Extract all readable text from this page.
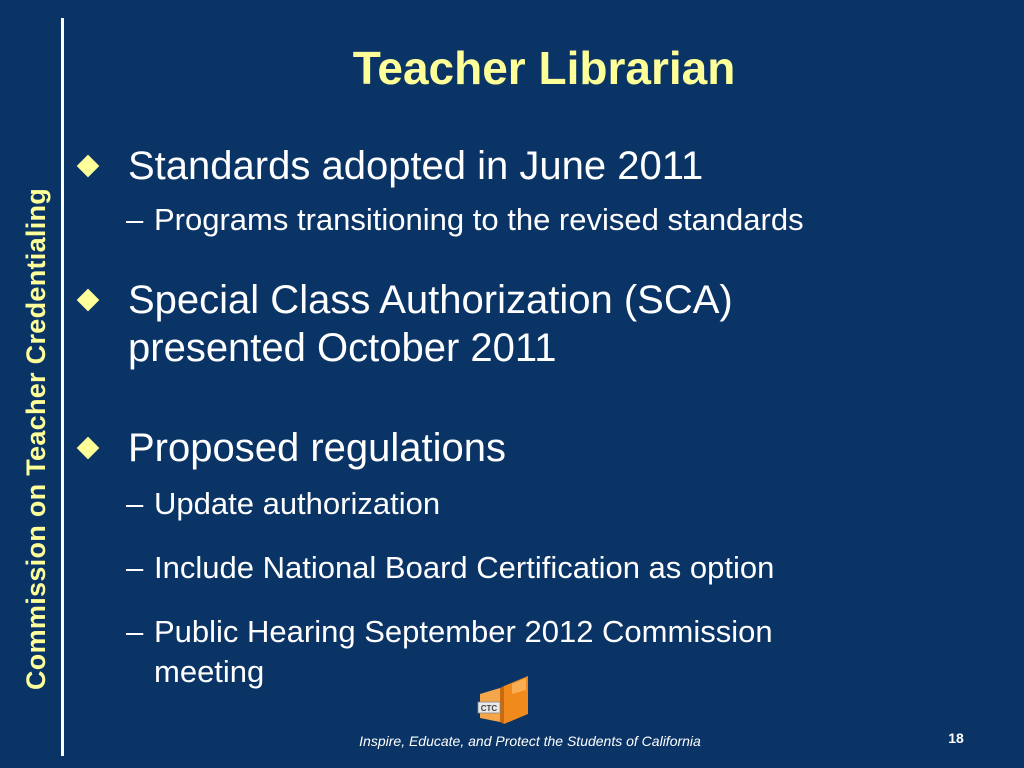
Commission on Teacher Credentialing
Teacher Librarian
Standards adopted in June 2011
– Programs transitioning to the revised standards
Special Class Authorization (SCA)
presented October 2011
Proposed regulations
– Update authorization
– Include National Board Certification as option
– Public Hearing September 2012 Commission
meeting
CTC
Inspire, Educate, and Protect the Students of California	18
